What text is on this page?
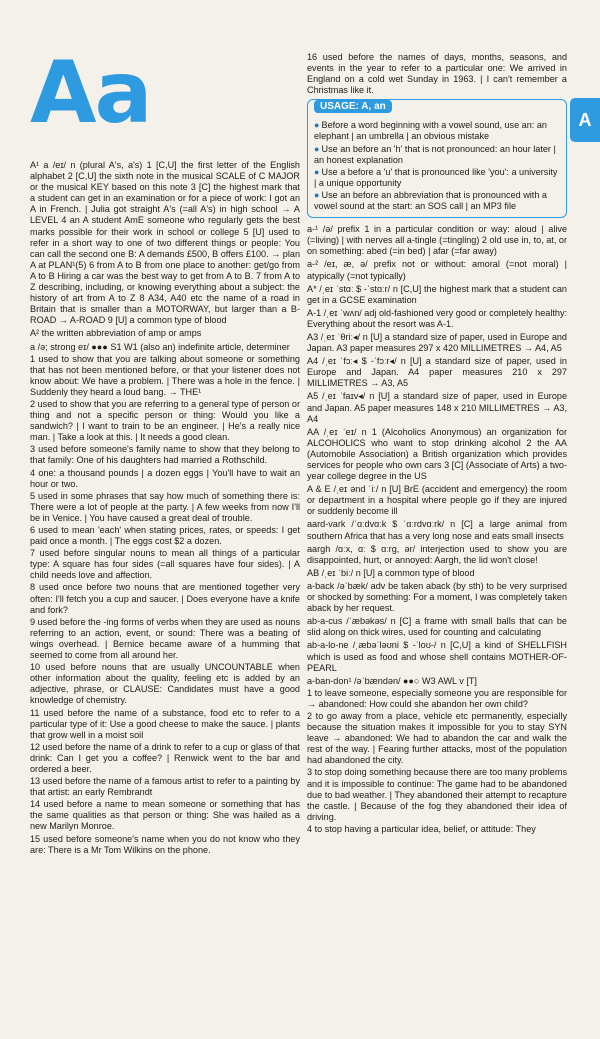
Aa	A

A¹ a /eɪ/ n (plural A's, a's) 1 [C,U] the first letter of the English alphabet 2 [C,U] the sixth note in the musical SCALE of C MAJOR or the musical KEY based on this note 3 [C] the highest mark that a student can get in an examination or for a piece of work: I got an A in French. | Julia got straight A's (=all A's) in high school → A LEVEL 4 an A student AmE someone who regularly gets the best marks possible for their work in school or college 5 [U] used to refer in a short way to one of two different things or people: You can call the second one B: A demands £500, B offers £100. → plan A at PLAN¹(5) 6 from A to B from one place to another: get/go from A to B Hiring a car was the best way to get from A to B. 7 from A to Z describing, including, or knowing everything about a subject: the history of art from A to Z 8 A34, A40 etc the name of a road in Britain that is smaller than a MOTORWAY, but larger than a B-ROAD → A-ROAD 9 [U] a common type of blood

A² the written abbreviation of amp or amps

a /ə; strong eɪ/ ●●● S1 W1 (also an) indefinite article, determiner

1 used to show that you are talking about someone or something that has not been mentioned before, or that your listener does not know about: We have a problem. | There was a hole in the fence. | Suddenly they heard a loud bang. → THE¹

2 used to show that you are referring to a general type of person or thing and not a specific person or thing: Would you like a sandwich? | I want to train to be an engineer. | He's a really nice man. | Take a look at this. | It needs a good clean.

3 used before someone's family name to show that they belong to that family: One of his daughters had married a Rothschild.

4 one: a thousand pounds | a dozen eggs | You'll have to wait an hour or two.

5 used in some phrases that say how much of something there is: There were a lot of people at the party. | A few weeks from now I'll be in Venice. | You have caused a great deal of trouble.

6 used to mean 'each' when stating prices, rates, or speeds: I get paid once a month. | The eggs cost $2 a dozen.

7 used before singular nouns to mean all things of a particular type: A square has four sides (=all squares have four sides). | A child needs love and affection.

8 used once before two nouns that are mentioned together very often: I'll fetch you a cup and saucer. | Does everyone have a knife and fork?

9 used before the -ing forms of verbs when they are used as nouns referring to an action, event, or sound: There was a beating of wings overhead. | Bernice became aware of a humming that seemed to come from all around her.

10 used before nouns that are usually UNCOUNTABLE when other information about the quality, feeling etc is added by an adjective, phrase, or CLAUSE: Candidates must have a good knowledge of chemistry.

11 used before the name of a substance, food etc to refer to a particular type of it: Use a good cheese to make the sauce. | plants that grow well in a moist soil

12 used before the name of a drink to refer to a cup or glass of that drink: Can I get you a coffee? | Renwick went to the bar and ordered a beer.

13 used before the name of a famous artist to refer to a painting by that artist: an early Rembrandt

14 used before a name to mean someone or something that has the same qualities as that person or thing: She was hailed as a new Marilyn Monroe.

15 used before someone's name when you do not know who they are: There is a Mr Tom Wilkins on the phone.

16 used before the names of days, months, seasons, and events in the year to refer to a particular one: We arrived in England on a cold wet Sunday in 1963. | I can't remember a Christmas like it.

USAGE: A, an
● Before a word beginning with a vowel sound, use an: an elephant | an umbrella | an obvious mistake
● Use an before an 'h' that is not pronounced: an hour later | an honest explanation
● Use a before a 'u' that is pronounced like 'you': a university | a unique opportunity
● Use an before an abbreviation that is pronounced with a vowel sound at the start: an SOS call | an MP3 file

a-¹ /ə/ prefix 1 in a particular condition or way: aloud | alive (=living) | with nerves all a-tingle (=tingling) 2 old use in, to, at, or on something: abed (=in bed) | afar (=far away)

a-² /eɪ, æ, ə/ prefix not or without: amoral (=not moral) | atypically (=not typically)

A* /ˌeɪ ˈstɑː $ -ˈstɑːr/ n [C,U] the highest mark that a student can get in a GCSE examination

A-1 /ˌeɪ ˈwʌn/ adj old-fashioned very good or completely healthy: Everything about the resort was A-1.

A3 /ˌeɪ ˈθriː◂/ n [U] a standard size of paper, used in Europe and Japan. A3 paper measures 297 x 420 MILLIMETRES → A4, A5

A4 /ˌeɪ ˈfɔː◂ $ -ˈfɔːr◂/ n [U] a standard size of paper, used in Europe and Japan. A4 paper measures 210 x 297 MILLIMETRES → A3, A5

A5 /ˌeɪ ˈfaɪv◂/ n [U] a standard size of paper, used in Europe and Japan. A5 paper measures 148 x 210 MILLIMETRES → A3, A4

AA /ˌeɪ ˈeɪ/ n 1 (Alcoholics Anonymous) an organization for ALCOHOLICS who want to stop drinking alcohol 2 the AA (Automobile Association) a British organization which provides services for people who own cars 3 [C] (Associate of Arts) a two-year college degree in the US

A & E /ˌeɪ ənd ˈiː/ n [U] BrE (accident and emergency) the room or department in a hospital where people go if they are injured or suddenly become ill

aard-vark /ˈɑːdvɑːk $ ˈɑːrdvɑːrk/ n [C] a large animal from southern Africa that has a very long nose and eats small insects

aargh /ɑːx, ɑː $ ɑːrg, ər/ interjection used to show you are disappointed, hurt, or annoyed: Aargh, the lid won't close!

AB /ˌeɪ ˈbiː/ n [U] a common type of blood

a-back /əˈbæk/ adv be taken aback (by sth) to be very surprised or shocked by something: For a moment, I was completely taken aback by her request.

ab-a-cus /ˈæbəkəs/ n [C] a frame with small balls that can be slid along on thick wires, used for counting and calculating

ab-a-lo-ne /ˌæbəˈləʊni $ -ˈloʊ-/ n [C,U] a kind of SHELLFISH which is used as food and whose shell contains MOTHER-OF-PEARL

a-ban-don¹ /əˈbændən/ ●●○ W3 AWL v [T]

1 to leave someone, especially someone you are responsible for → abandoned: How could she abandon her own child?

2 to go away from a place, vehicle etc permanently, especially because the situation makes it impossible for you to stay SYN leave → abandoned: We had to abandon the car and walk the rest of the way. | Fearing further attacks, most of the population had abandoned the city.

3 to stop doing something because there are too many problems and it is impossible to continue: The game had to be abandoned due to bad weather. | They abandoned their attempt to recapture the castle. | Because of the fog they abandoned their idea of driving.

4 to stop having a particular idea, belief, or attitude: They
